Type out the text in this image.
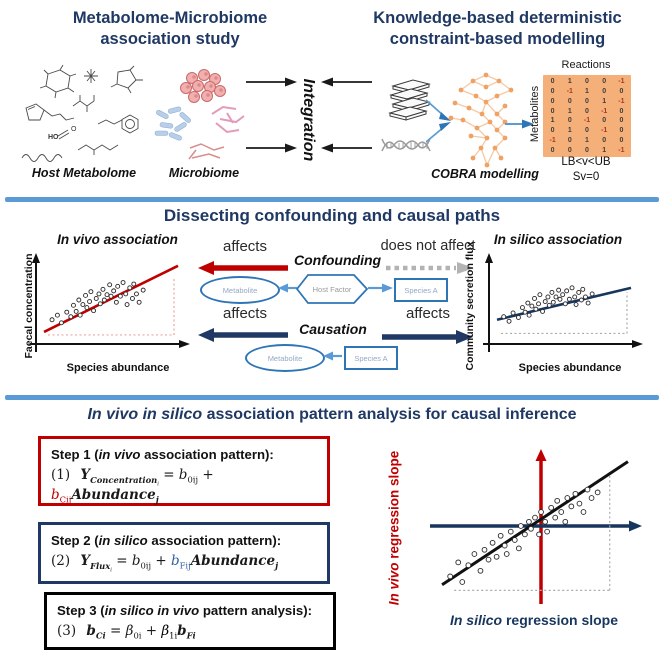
Metabolome-Microbiome
association study
Knowledge-based deterministic
constraint-based modelling
HO
O
Host Metabolome	Microbiome
Integration
COBRA modelling
Reactions
Metabolites
0	1	0	0	-1
0	-1	1	0	0
0	0	0	1	-1
0	1	0	-1	0
1	0	-1	0	0
0	1	0	-1	0
-1	0	1	0	0
0	0	0	1	-1
LB<v<UB
Sv=0
Dissecting confounding and causal paths
In vivo association
Faecal concentration
Species abundance
affects
Confounding
does not affect
Metabolite	Host Factor	Species A
affects
Causation
affects
Metabolite	Species A
In silico association
Community secretion flux	Species abundance
In vivo in silico association pattern analysis for causal inference
Step 1 (in vivo association pattern):
(1) $Y_{Concentration_i} = b_{0ij}$ + $b_{Cij}Abundance_j$
Step 2 (in silico association pattern):
(2) $Y_{Flux_i} = b_{0ij}$ + $b_{Fij}Abundance_j$
Step 3 (in silico in vivo pattern analysis):
(3) $b_{Ci} = \beta_{0i} + \beta_{1i}b_{Fi}$
In vivo regression slope
In silico regression slope
